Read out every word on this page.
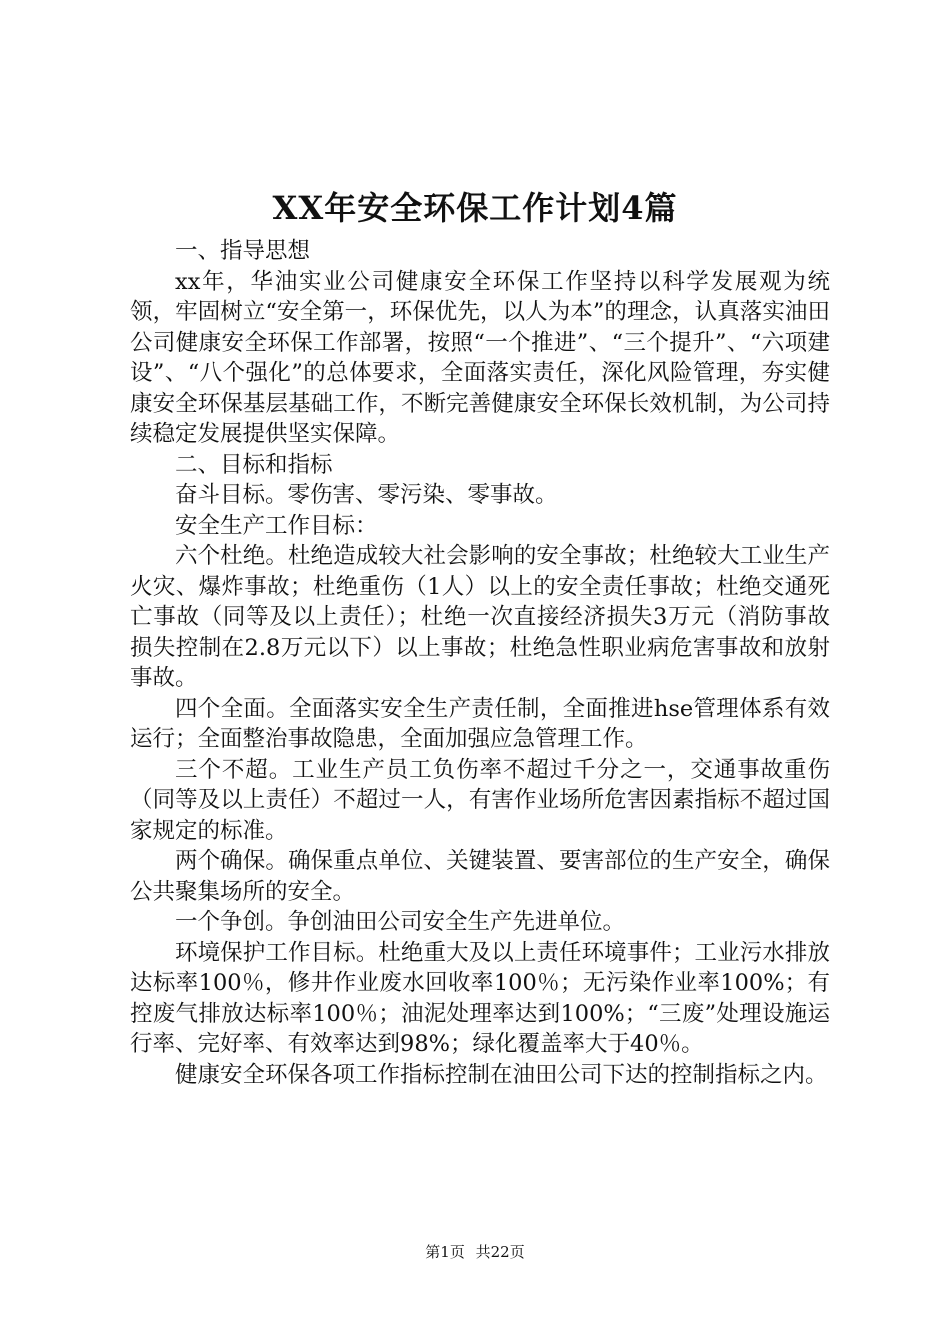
XX年安全环保工作计划4篇

一、指导思想

xx年，华油实业公司健康安全环保工作坚持以科学发展观为统领，牢固树立“安全第一，环保优先，以人为本”的理念，认真落实油田公司健康安全环保工作部署，按照“一个推进”、“三个提升”、“六项建设”、“八个强化”的总体要求，全面落实责任，深化风险管理，夯实健康安全环保基层基础工作，不断完善健康安全环保长效机制，为公司持续稳定发展提供坚实保障。

二、目标和指标

奋斗目标。零伤害、零污染、零事故。

安全生产工作目标：

六个杜绝。杜绝造成较大社会影响的安全事故；杜绝较大工业生产火灾、爆炸事故；杜绝重伤（1人）以上的安全责任事故；杜绝交通死亡事故（同等及以上责任）；杜绝一次直接经济损失3万元（消防事故损失控制在2.8万元以下）以上事故；杜绝急性职业病危害事故和放射事故。

四个全面。全面落实安全生产责任制，全面推进hse管理体系有效运行；全面整治事故隐患，全面加强应急管理工作。

三个不超。工业生产员工负伤率不超过千分之一，交通事故重伤（同等及以上责任）不超过一人，有害作业场所危害因素指标不超过国家规定的标准。

两个确保。确保重点单位、关键装置、要害部位的生产安全，确保公共聚集场所的安全。

一个争创。争创油田公司安全生产先进单位。

环境保护工作目标。杜绝重大及以上责任环境事件；工业污水排放达标率100％，修井作业废水回收率100％；无污染作业率100%；有控废气排放达标率100％；油泥处理率达到100%；“三废”处理设施运行率、完好率、有效率达到98%；绿化覆盖率大于40％。

健康安全环保各项工作指标控制在油田公司下达的控制指标之内。

第1页 共22页
